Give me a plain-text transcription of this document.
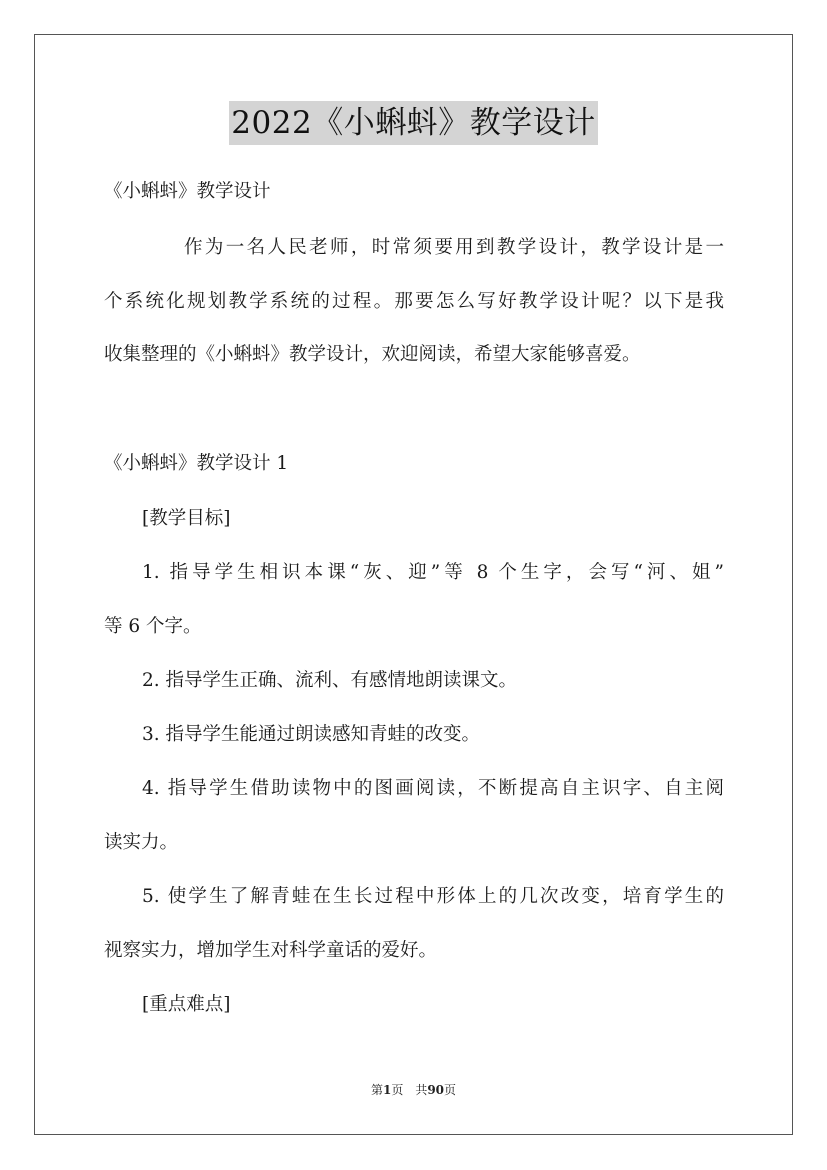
2022《小蝌蚪》教学设计
《小蝌蚪》教学设计
作为一名人民老师，时常须要用到教学设计，教学设计是一
个系统化规划教学系统的过程。那要怎么写好教学设计呢？以下是我
收集整理的《小蝌蚪》教学设计，欢迎阅读，希望大家能够喜爱。
《小蝌蚪》教学设计 1
[教学目标]
1. 指导学生相识本课“灰、迎”等 8 个生字，会写“河、姐”
等 6 个字。
2. 指导学生正确、流利、有感情地朗读课文。
3. 指导学生能通过朗读感知青蛙的改变。
4. 指导学生借助读物中的图画阅读，不断提高自主识字、自主阅
读实力。
5. 使学生了解青蛙在生长过程中形体上的几次改变，培育学生的
视察实力，增加学生对科学童话的爱好。
[重点难点]
第1页　共90页
